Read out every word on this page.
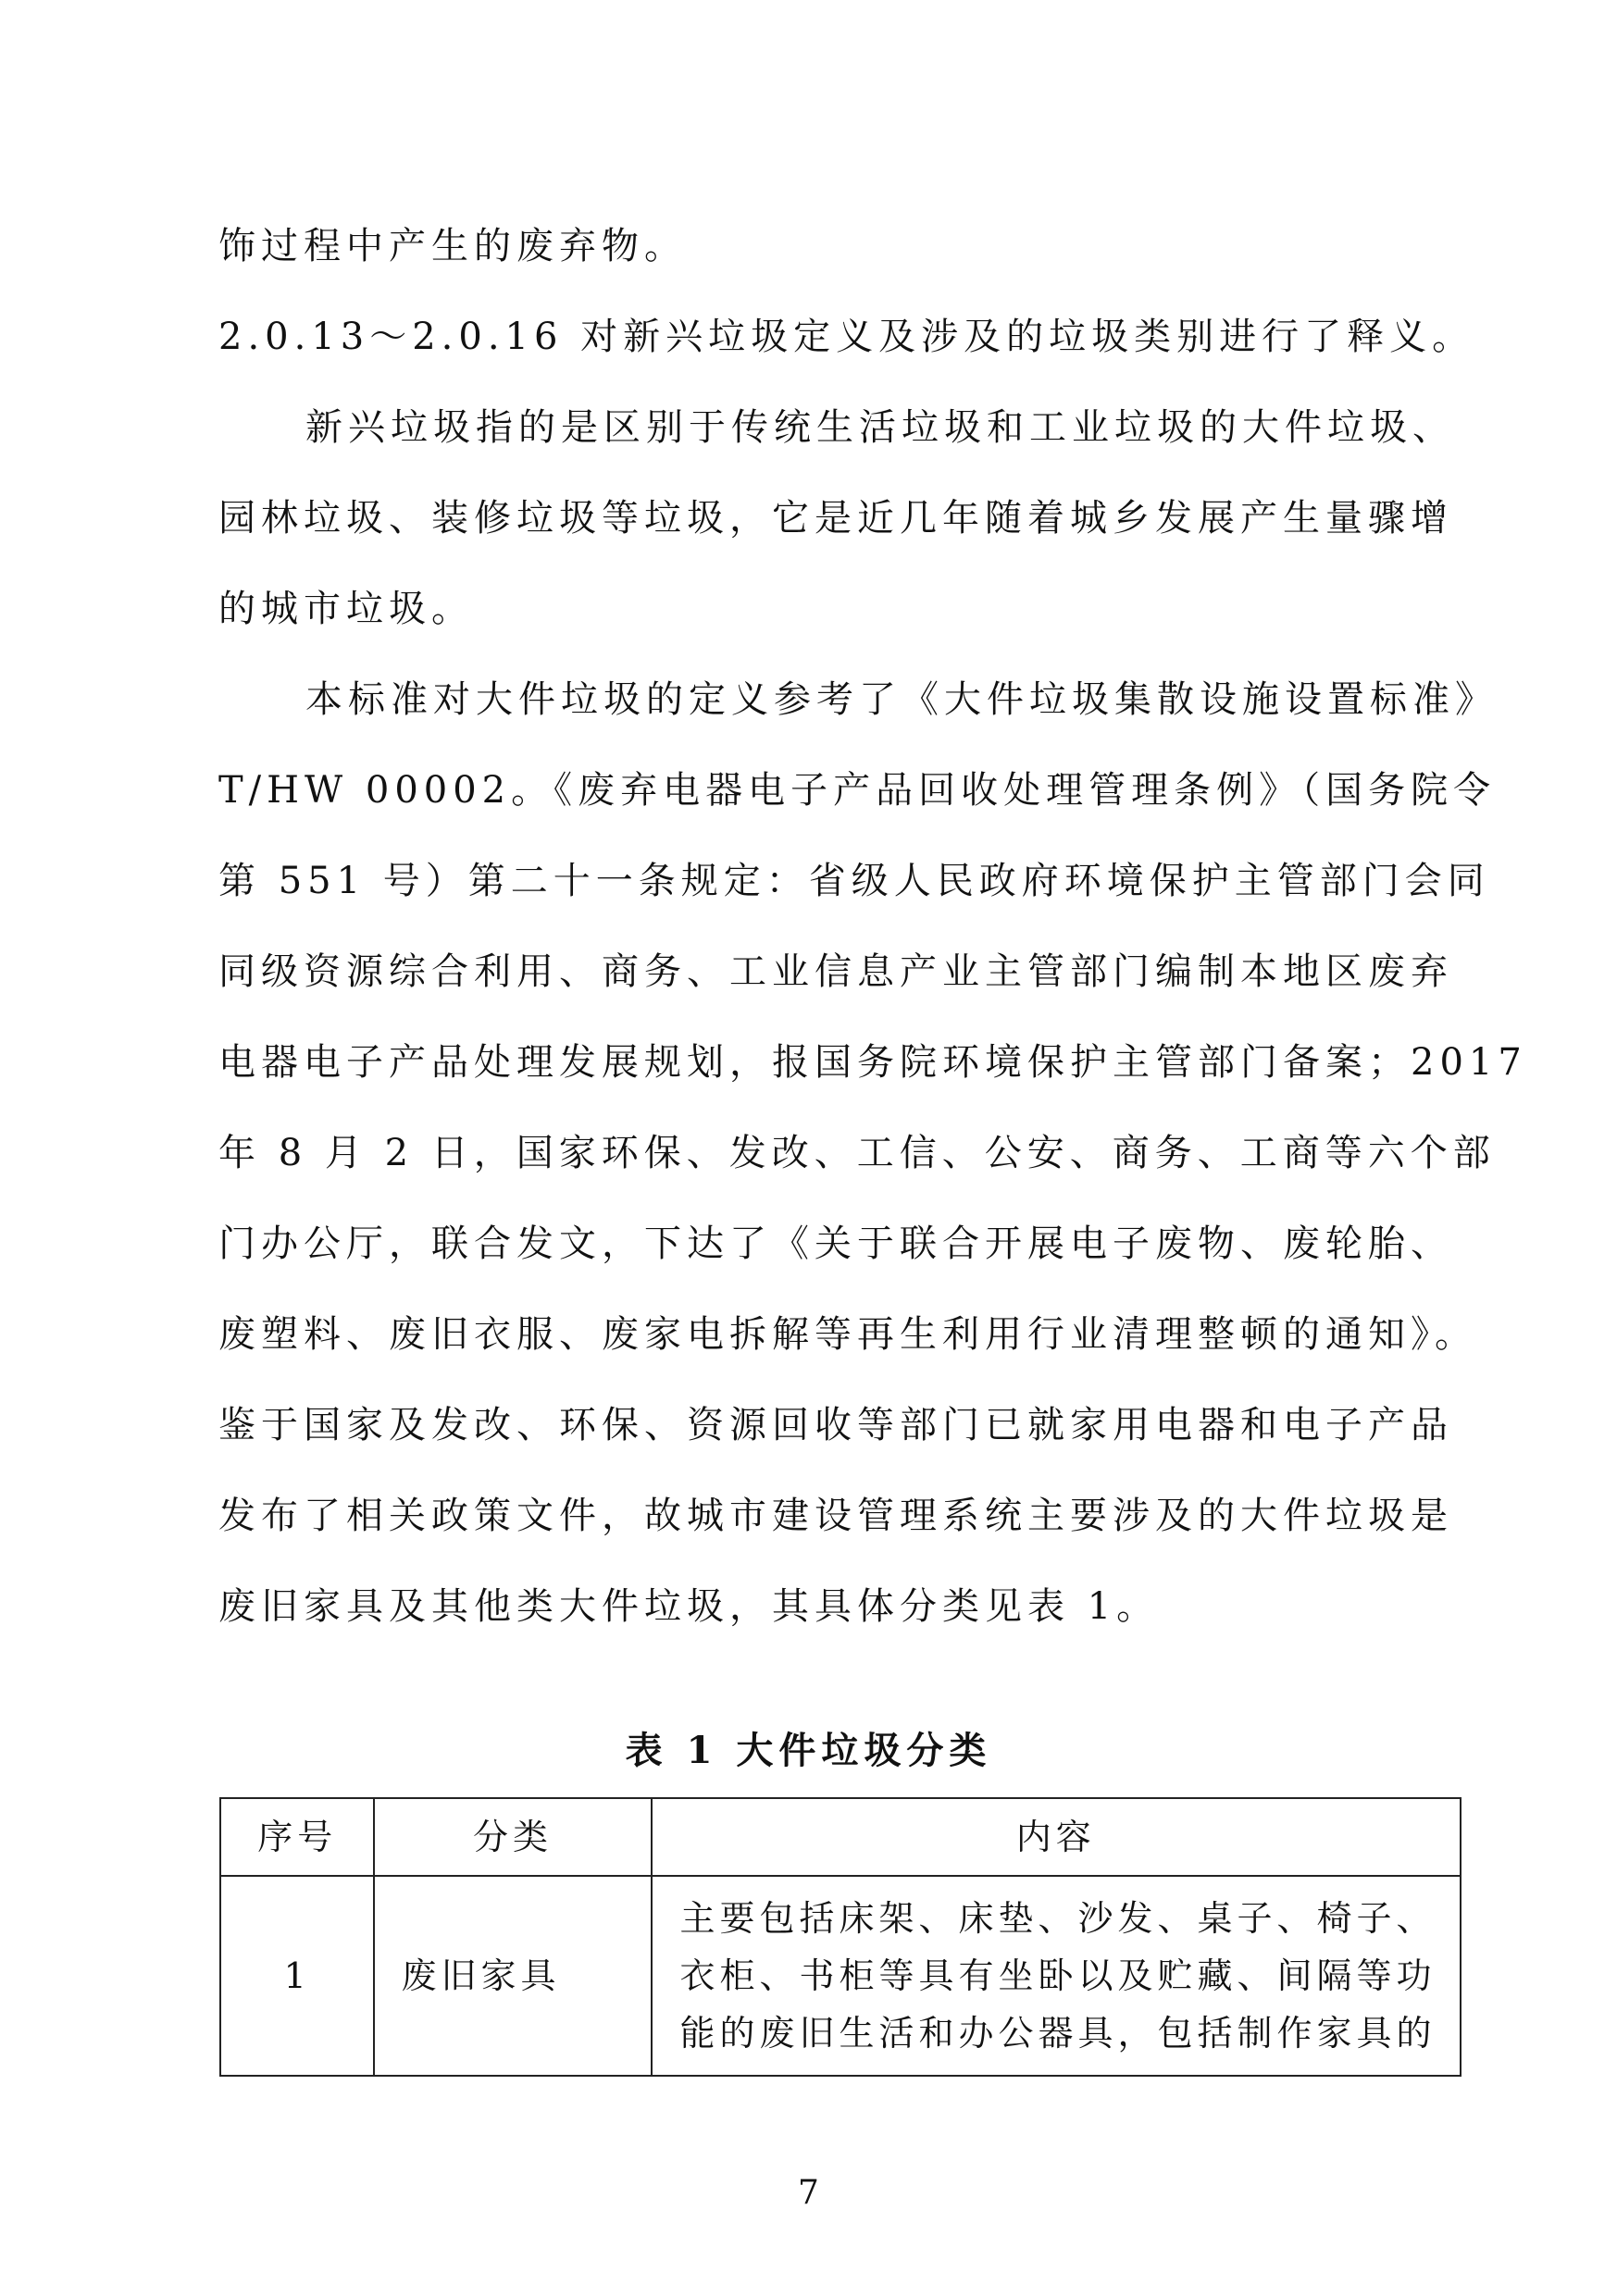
饰过程中产生的废弃物。
2.0.13～2.0.16 对新兴垃圾定义及涉及的垃圾类别进行了释义。
新兴垃圾指的是区别于传统生活垃圾和工业垃圾的大件垃圾、
园林垃圾、装修垃圾等垃圾，它是近几年随着城乡发展产生量骤增
的城市垃圾。
本标准对大件垃圾的定义参考了《大件垃圾集散设施设置标准》
T/HW 00002。《废弃电器电子产品回收处理管理条例》（国务院令
第 551 号）第二十一条规定：省级人民政府环境保护主管部门会同
同级资源综合利用、商务、工业信息产业主管部门编制本地区废弃
电器电子产品处理发展规划，报国务院环境保护主管部门备案；2017
年 8 月 2 日，国家环保、发改、工信、公安、商务、工商等六个部
门办公厅，联合发文，下达了《关于联合开展电子废物、废轮胎、
废塑料、废旧衣服、废家电拆解等再生利用行业清理整顿的通知》。
鉴于国家及发改、环保、资源回收等部门已就家用电器和电子产品
发布了相关政策文件，故城市建设管理系统主要涉及的大件垃圾是
废旧家具及其他类大件垃圾，其具体分类见表 1。
表 1 大件垃圾分类
序号	分类	内容
1	废旧家具	主要包括床架、床垫、沙发、桌子、椅子、衣柜、书柜等具有坐卧以及贮藏、间隔等功能的废旧生活和办公器具，包括制作家具的
7
